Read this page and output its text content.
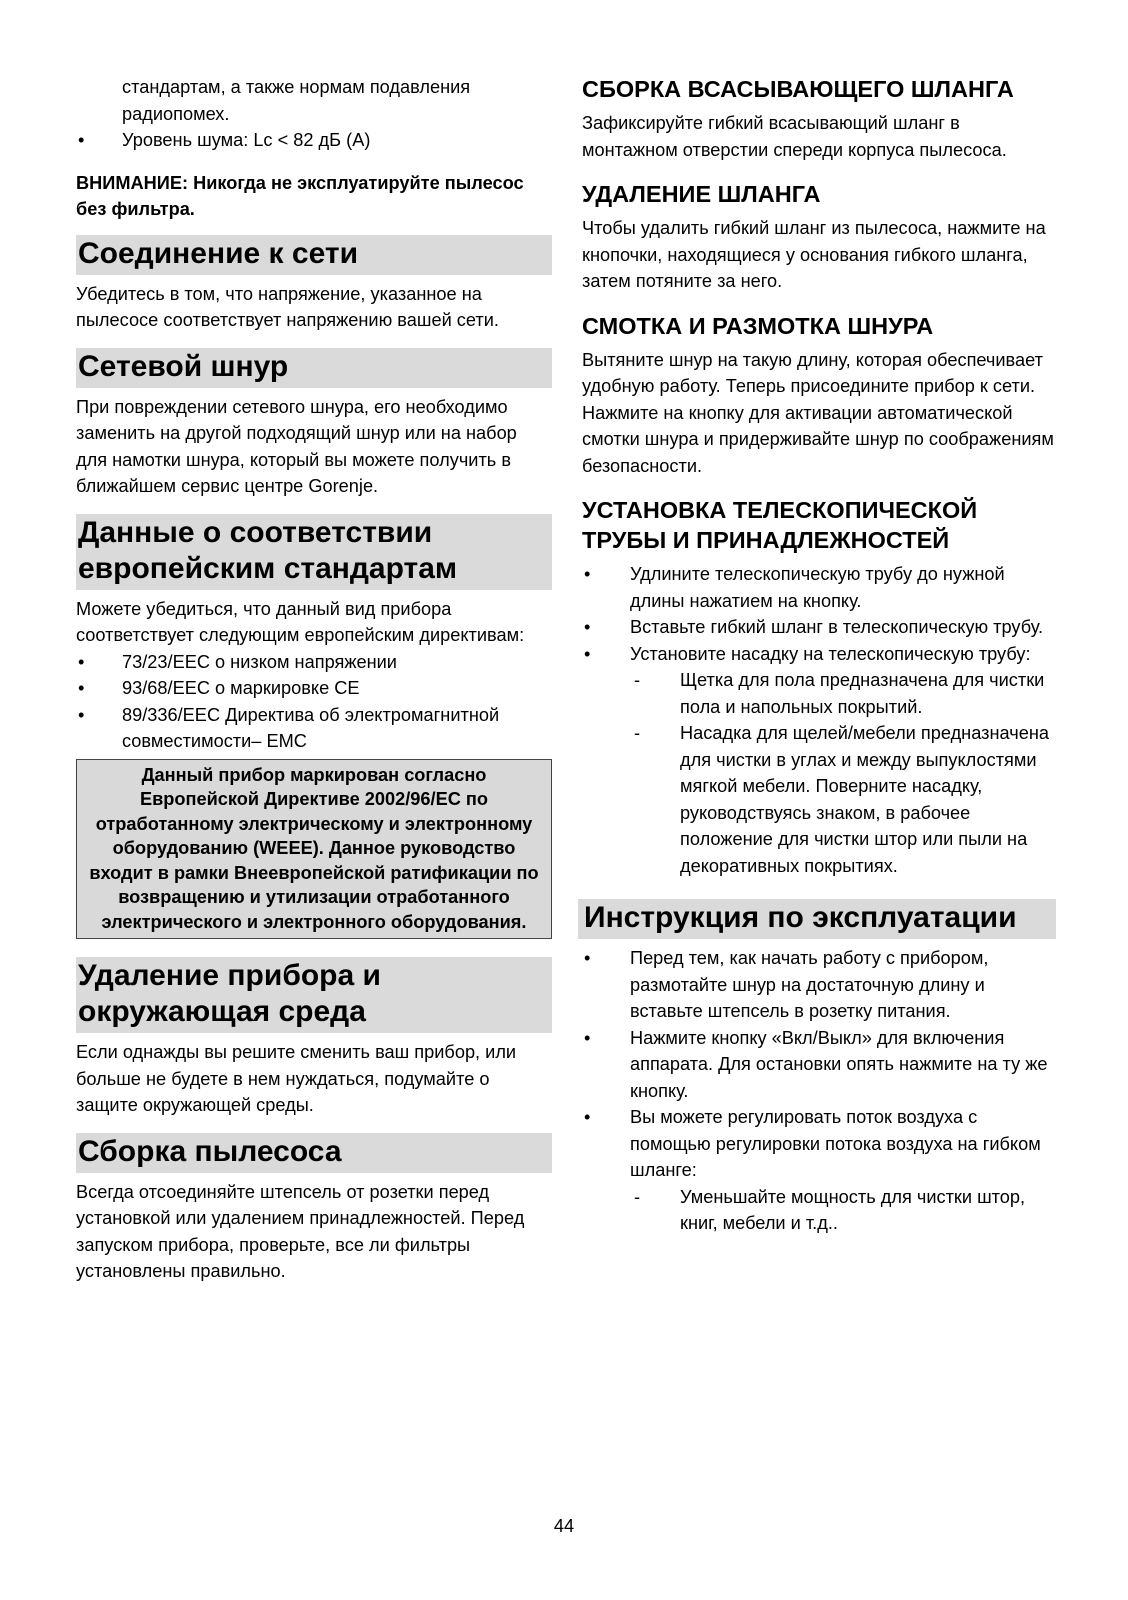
стандартам, а также нормам подавления радиопомех.

• Уровень шума: Lc < 82 дБ (А)

ВНИМАНИЕ: Никогда не эксплуатируйте пылесос без фильтра.

Соединение к сети

Убедитесь в том, что напряжение, указанное на пылесосе соответствует напряжению вашей сети.

Сетевой шнур

При повреждении сетевого шнура, его необходимо заменить на другой подходящий шнур или на набор для намотки шнура, который вы можете получить в ближайшем сервис центре Gorenje.

Данные о соответствии европейским стандартам

Можете убедиться, что данный вид прибора соответствует следующим европейским директивам:

• 73/23/EEC о низком напряжении
• 93/68/EEC о маркировке CE
• 89/336/EEC Директива об электромагнитной совместимости– EMC
Данный прибор маркирован согласно Европейской Директиве 2002/96/EC по отработанному электрическому и электронному оборудованию (WEEE). Данное руководство входит в рамки Внеевропейской ратификации по возвращению и утилизации отработанного электрического и электронного оборудования.
Удаление прибора и окружающая среда

Если однажды вы решите сменить ваш прибор, или больше не будете в нем нуждаться, подумайте о защите окружающей среды.

Сборка пылесоса

Всегда отсоединяйте штепсель от розетки перед установкой или удалением принадлежностей. Перед запуском прибора, проверьте, все ли фильтры установлены правильно.

СБОРКА ВСАСЫВАЮЩЕГО ШЛАНГА

Зафиксируйте гибкий всасывающий шланг в монтажном отверстии спереди корпуса пылесоса.

УДАЛЕНИЕ ШЛАНГА

Чтобы удалить гибкий шланг из пылесоса, нажмите на кнопочки, находящиеся у основания гибкого шланга, затем потяните за него.

СМОТКА И РАЗМОТКА ШНУРА

Вытяните шнур на такую длину, которая обеспечивает удобную работу. Теперь присоедините прибор к сети. Нажмите на кнопку для активации автоматической смотки шнура и придерживайте шнур по соображениям безопасности.

УСТАНОВКА ТЕЛЕСКОПИЧЕСКОЙ ТРУБЫ И ПРИНАДЛЕЖНОСТЕЙ
• Удлините телескопическую трубу до нужной длины нажатием на кнопку.
• Вставьте гибкий шланг в телескопическую трубу.
• Установите насадку на телескопическую трубу:
- Щетка для пола предназначена для чистки пола и напольных покрытий.
- Насадка для щелей/мебели предназначена для чистки в углах и между выпуклостями мягкой мебели. Поверните насадку, руководствуясь знаком, в рабочее положение для чистки штор или пыли на декоративных покрытиях.
Инструкция по эксплуатации
• Перед тем, как начать работу с прибором, размотайте шнур на достаточную длину и вставьте штепсель в розетку питания.
• Нажмите кнопку «Вкл/Выкл» для включения аппарата. Для остановки опять нажмите на ту же кнопку.
• Вы можете регулировать поток воздуха с помощью регулировки потока воздуха на гибком шланге:
- Уменьшайте мощность для чистки штор, книг, мебели и т.д..
44
